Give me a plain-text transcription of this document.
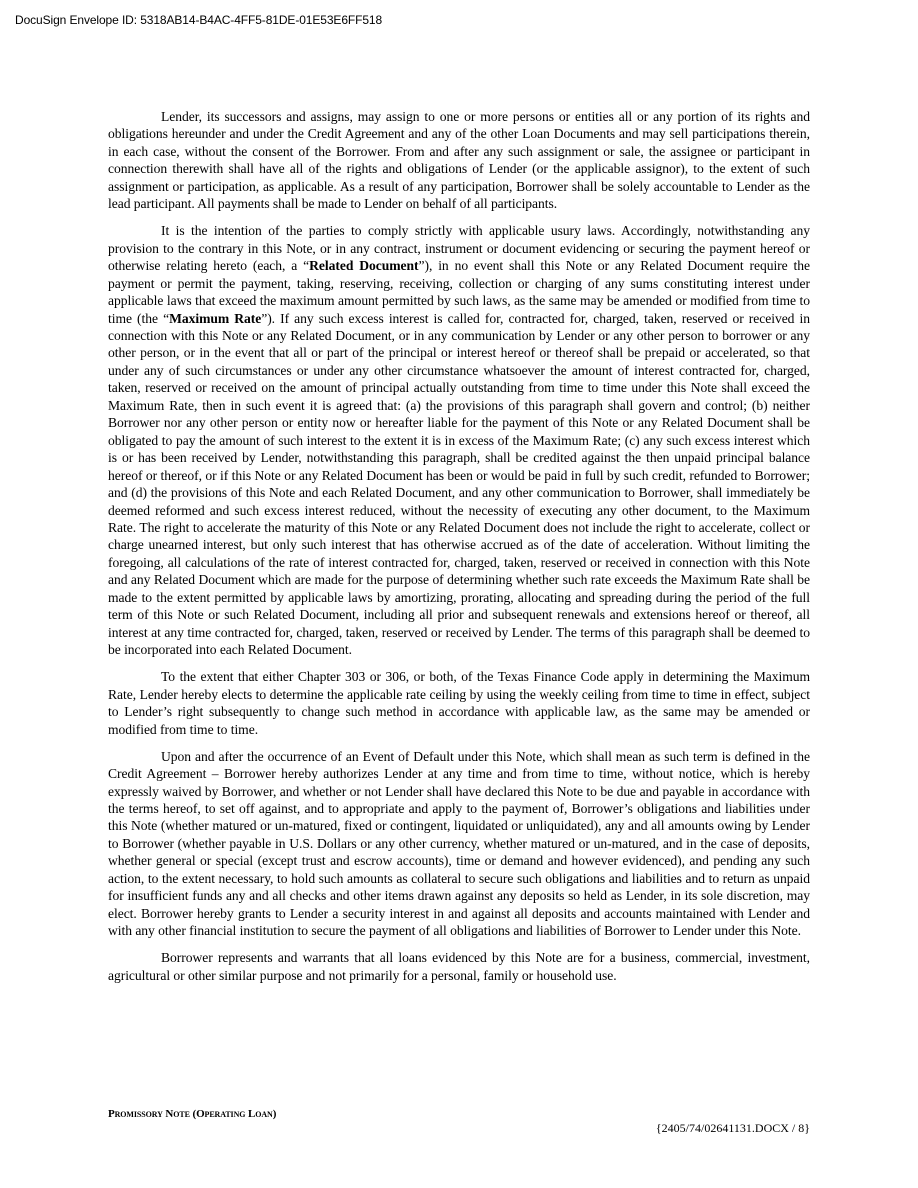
DocuSign Envelope ID: 5318AB14-B4AC-4FF5-81DE-01E53E6FF518

Lender, its successors and assigns, may assign to one or more persons or entities all or any portion of its rights and obligations hereunder and under the Credit Agreement and any of the other Loan Documents and may sell participations therein, in each case, without the consent of the Borrower. From and after any such assignment or sale, the assignee or participant in connection therewith shall have all of the rights and obligations of Lender (or the applicable assignor), to the extent of such assignment or participation, as applicable. As a result of any participation, Borrower shall be solely accountable to Lender as the lead participant. All payments shall be made to Lender on behalf of all participants.

It is the intention of the parties to comply strictly with applicable usury laws. Accordingly, notwithstanding any provision to the contrary in this Note, or in any contract, instrument or document evidencing or securing the payment hereof or otherwise relating hereto (each, a “Related Document”), in no event shall this Note or any Related Document require the payment or permit the payment, taking, reserving, receiving, collection or charging of any sums constituting interest under applicable laws that exceed the maximum amount permitted by such laws, as the same may be amended or modified from time to time (the “Maximum Rate”). If any such excess interest is called for, contracted for, charged, taken, reserved or received in connection with this Note or any Related Document, or in any communication by Lender or any other person to borrower or any other person, or in the event that all or part of the principal or interest hereof or thereof shall be prepaid or accelerated, so that under any of such circumstances or under any other circumstance whatsoever the amount of interest contracted for, charged, taken, reserved or received on the amount of principal actually outstanding from time to time under this Note shall exceed the Maximum Rate, then in such event it is agreed that: (a) the provisions of this paragraph shall govern and control; (b) neither Borrower nor any other person or entity now or hereafter liable for the payment of this Note or any Related Document shall be obligated to pay the amount of such interest to the extent it is in excess of the Maximum Rate; (c) any such excess interest which is or has been received by Lender, notwithstanding this paragraph, shall be credited against the then unpaid principal balance hereof or thereof, or if this Note or any Related Document has been or would be paid in full by such credit, refunded to Borrower; and (d) the provisions of this Note and each Related Document, and any other communication to Borrower, shall immediately be deemed reformed and such excess interest reduced, without the necessity of executing any other document, to the Maximum Rate. The right to accelerate the maturity of this Note or any Related Document does not include the right to accelerate, collect or charge unearned interest, but only such interest that has otherwise accrued as of the date of acceleration. Without limiting the foregoing, all calculations of the rate of interest contracted for, charged, taken, reserved or received in connection with this Note and any Related Document which are made for the purpose of determining whether such rate exceeds the Maximum Rate shall be made to the extent permitted by applicable laws by amortizing, prorating, allocating and spreading during the period of the full term of this Note or such Related Document, including all prior and subsequent renewals and extensions hereof or thereof, all interest at any time contracted for, charged, taken, reserved or received by Lender. The terms of this paragraph shall be deemed to be incorporated into each Related Document.

To the extent that either Chapter 303 or 306, or both, of the Texas Finance Code apply in determining the Maximum Rate, Lender hereby elects to determine the applicable rate ceiling by using the weekly ceiling from time to time in effect, subject to Lender’s right subsequently to change such method in accordance with applicable law, as the same may be amended or modified from time to time.

Upon and after the occurrence of an Event of Default under this Note, which shall mean as such term is defined in the Credit Agreement – Borrower hereby authorizes Lender at any time and from time to time, without notice, which is hereby expressly waived by Borrower, and whether or not Lender shall have declared this Note to be due and payable in accordance with the terms hereof, to set off against, and to appropriate and apply to the payment of, Borrower’s obligations and liabilities under this Note (whether matured or un-matured, fixed or contingent, liquidated or unliquidated), any and all amounts owing by Lender to Borrower (whether payable in U.S. Dollars or any other currency, whether matured or un-matured, and in the case of deposits, whether general or special (except trust and escrow accounts), time or demand and however evidenced), and pending any such action, to the extent necessary, to hold such amounts as collateral to secure such obligations and liabilities and to return as unpaid for insufficient funds any and all checks and other items drawn against any deposits so held as Lender, in its sole discretion, may elect. Borrower hereby grants to Lender a security interest in and against all deposits and accounts maintained with Lender and with any other financial institution to secure the payment of all obligations and liabilities of Borrower to Lender under this Note.

Borrower represents and warrants that all loans evidenced by this Note are for a business, commercial, investment, agricultural or other similar purpose and not primarily for a personal, family or household use.

Promissory Note (Operating Loan)
{2405/74/02641131.DOCX / 8}
